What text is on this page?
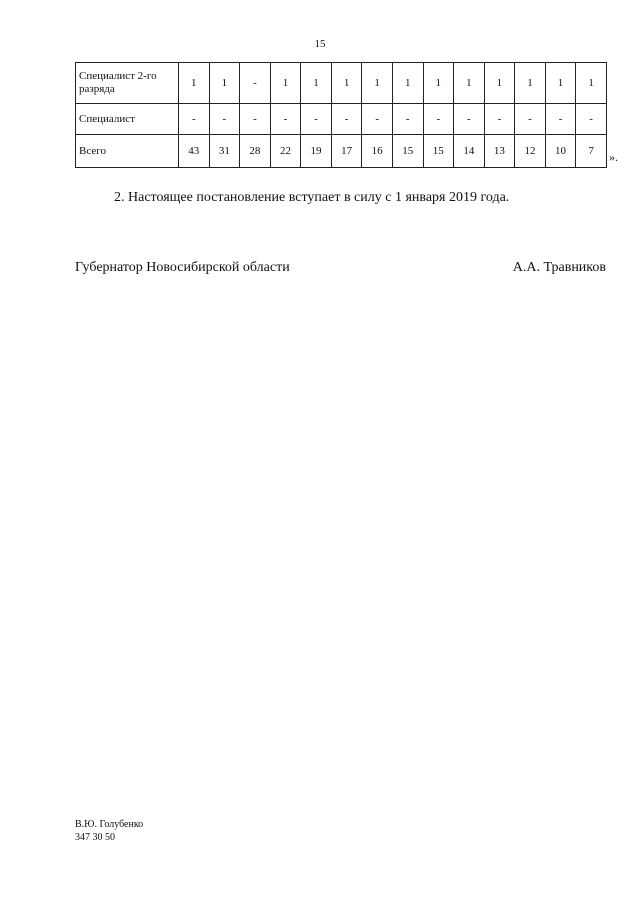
15
Специалист 2-го разряда	1	1	-	1	1	1	1	1	1	1	1	1	1	1
Специалист	-	-	-	-	-	-	-	-	-	-	-	-	-	-
Всего	43	31	28	22	19	17	16	15	15	14	13	12	10	7 ».
2. Настоящее постановление вступает в силу с 1 января 2019 года.
Губернатор Новосибирской области	А.А. Травников
В.Ю. Голубенко
347 30 50
